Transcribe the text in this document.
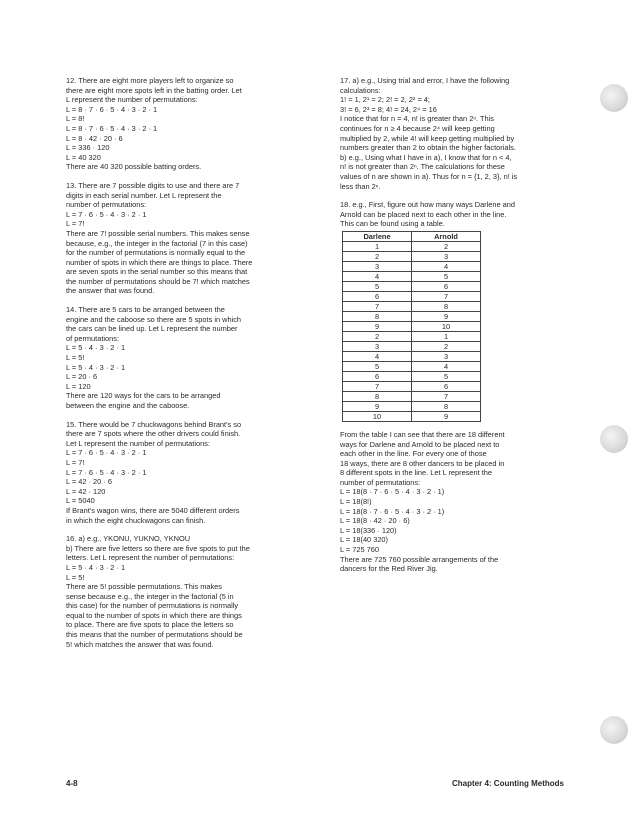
12. There are eight more players left to organize so
there are eight more spots left in the batting order. Let
L represent the number of permutations:
L = 8 · 7 · 6 · 5 · 4 · 3 · 2 · 1
L = 8!
L = 8 · 7 · 6 · 5 · 4 · 3 · 2 · 1
L = 8 · 42 · 20 · 6
L = 336 · 120
L = 40 320
There are 40 320 possible batting orders.
13. There are 7 possible digits to use and there are 7
digits in each serial number. Let L represent the
number of permutations:
L = 7 · 6 · 5 · 4 · 3 · 2 · 1
L = 7!
There are 7! possible serial numbers. This makes sense
because, e.g., the integer in the factorial (7 in this case)
for the number of permutations is normally equal to the
number of spots in which there are things to place. There
are seven spots in the serial number so this means that
the number of permutations should be 7! which matches
the answer that was found.
14. There are 5 cars to be arranged between the
engine and the caboose so there are 5 spots in which
the cars can be lined up. Let L represent the number
of permutations:
L = 5 · 4 · 3 · 2 · 1
L = 5!
L = 5 · 4 · 3 · 2 · 1
L = 20 · 6
L = 120
There are 120 ways for the cars to be arranged
between the engine and the caboose.
15. There would be 7 chuckwagons behind Brant's so
there are 7 spots where the other drivers could finish.
Let L represent the number of permutations:
L = 7 · 6 · 5 · 4 · 3 · 2 · 1
L = 7!
L = 7 · 6 · 5 · 4 · 3 · 2 · 1
L = 42 · 20 · 6
L = 42 · 120
L = 5040
If Brant's wagon wins, there are 5040 different orders
in which the eight chuckwagons can finish.
16. a) e.g., YKONU, YUKNO, YKNOU
b) There are five letters so there are five spots to put the
letters. Let L represent the number of permutations:
L = 5 · 4 · 3 · 2 · 1
L = 5!
There are 5! possible permutations. This makes
sense because e.g., the integer in the factorial (5 in
this case) for the number of permutations is normally
equal to the number of spots in which there are things
to place. There are five spots to place the letters so
this means that the number of permutations should be
5! which matches the answer that was found.
17. a) e.g., Using trial and error, I have the following
calculations:
1! = 1, 2¹ = 2; 2! = 2, 2² = 4;
3! = 6, 2³ = 8; 4! = 24, 2⁴ = 16
I notice that for n = 4, n! is greater than 2ⁿ. This
continues for n ≥ 4 because 2⁴ will keep getting
multiplied by 2, while 4! will keep getting multiplied by
numbers greater than 2 to obtain the higher factorials.
b) e.g., Using what I have in a), I know that for n < 4,
n! is not greater than 2ⁿ. The calculations for these
values of n are shown in a). Thus for n = {1, 2, 3}, n! is
less than 2ⁿ.
18. e.g., First, figure out how many ways Darlene and
Arnold can be placed next to each other in the line.
This can be found using a table.
Darlene	Arnold
1	2
2	3
3	4
4	5
5	6
6	7
7	8
8	9
9	10
2	1
3	2
4	3
5	4
6	5
7	6
8	7
9	8
10	9
From the table I can see that there are 18 different
ways for Darlene and Arnold to be placed next to
each other in the line. For every one of those
18 ways, there are 8 other dancers to be placed in
8 different spots in the line. Let L represent the
number of permutations:
L = 18(8 · 7 · 6 · 5 · 4 · 3 · 2 · 1)
L = 18(8!)
L = 18(8 · 7 · 6 · 5 · 4 · 3 · 2 · 1)
L = 18(8 · 42 · 20 · 6)
L = 18(336 · 120)
L = 18(40 320)
L = 725 760
There are 725 760 possible arrangements of the
dancers for the Red River Jig.
4-8	Chapter 4: Counting Methods
